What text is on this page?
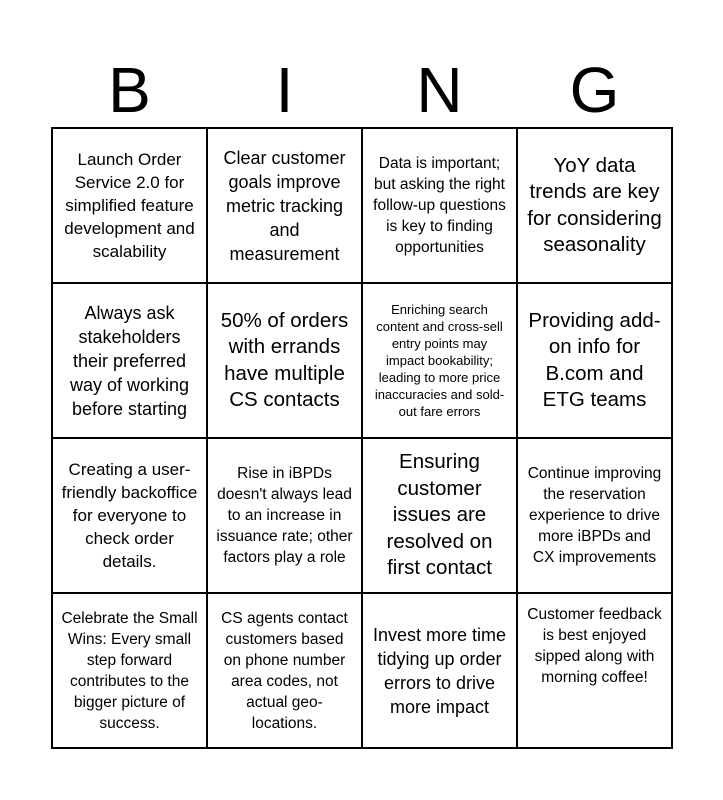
B	I	N	G
Launch Order Service 2.0 for simplified feature development and scalability
Clear customer goals improve metric tracking and measurement
Data is important; but asking the right follow-up questions is key to finding opportunities
YoY data trends are key for considering seasonality
Always ask stakeholders their preferred way of working before starting
50% of orders with errands have multiple CS contacts
Enriching search content and cross-sell entry points may impact bookability; leading to more price inaccuracies and sold-out fare errors
Providing add-on info for B.com and ETG teams
Creating a user-friendly backoffice for everyone to check order details.
Rise in iBPDs doesn't always lead to an increase in issuance rate; other factors play a role
Ensuring customer issues are resolved on first contact
Continue improving the reservation experience to drive more iBPDs and CX improvements
Celebrate the Small Wins: Every small step forward contributes to the bigger picture of success.
CS agents contact customers based on phone number area codes, not actual geo-locations.
Invest more time tidying up order errors to drive more impact
Customer feedback is best enjoyed sipped along with morning coffee!
